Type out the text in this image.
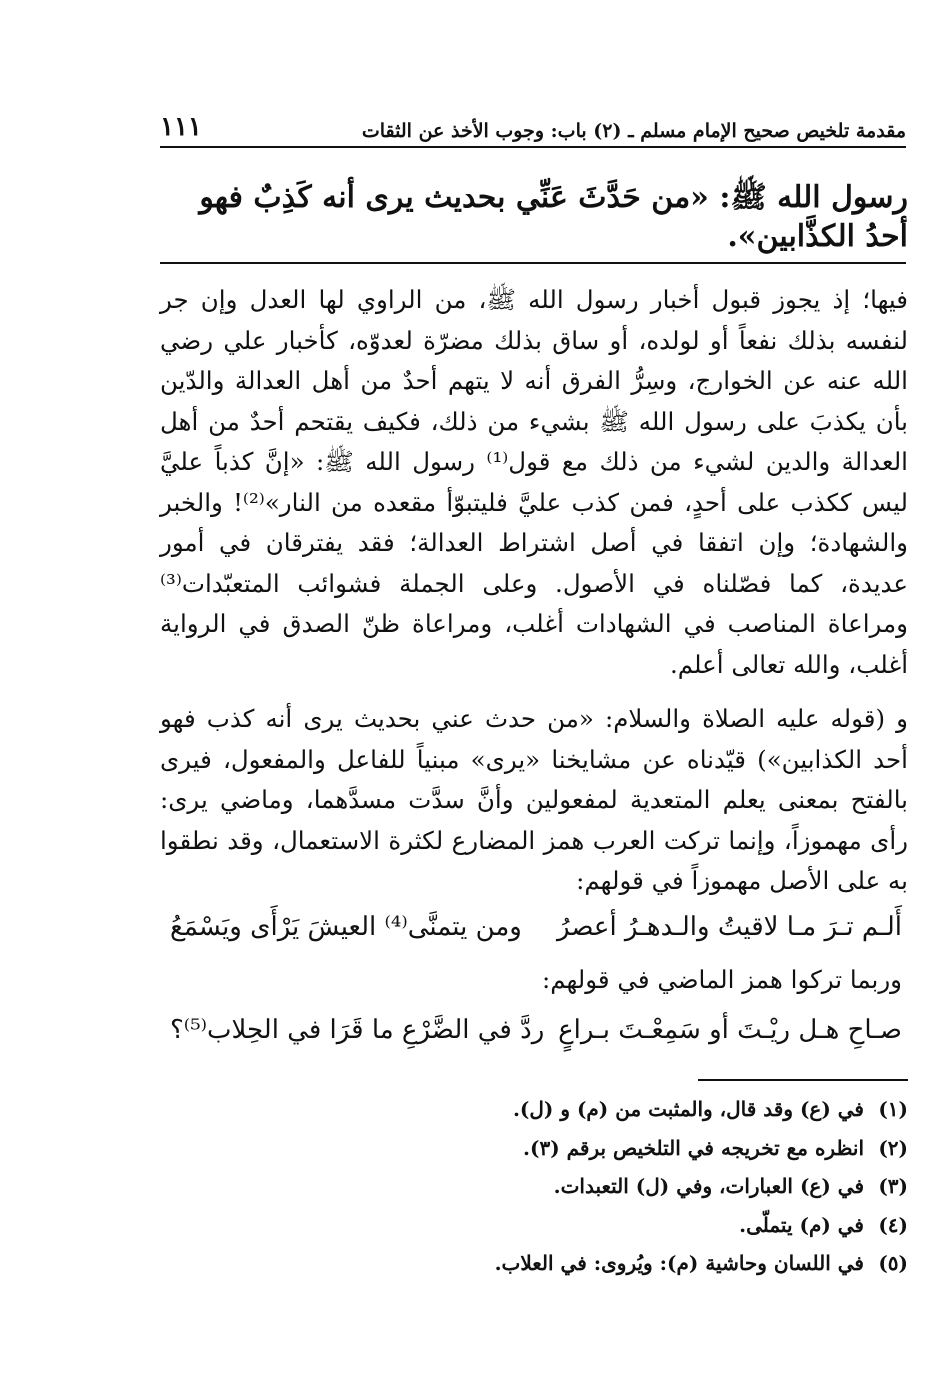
مقدمة تلخيص صحيح الإمام مسلم ـ (٢) باب: وجوب الأخذ عن الثقات
١١١
رسول الله ﷺ: «من حَدَّثَ عَنِّي بحديث يرى أنه كَذِبٌ فهو أحدُ الكذَّابين».

فيها؛ إذ يجوز قبول أخبار رسول الله ﷺ، من الراوي لها العدل وإن جر لنفسه بذلك نفعاً أو لولده، أو ساق بذلك مضرّة لعدوّه، كأخبار علي رضي الله عنه عن الخوارج، وسِرُّ الفرق أنه لا يتهم أحدٌ من أهل العدالة والدّين بأن يكذبَ على رسول الله ﷺ بشيء من ذلك، فكيف يقتحم أحدٌ من أهل العدالة والدين لشيء من ذلك مع قول⁽¹⁾ رسول الله ﷺ: «إنَّ كذباً عليَّ ليس ككذب على أحدٍ، فمن كذب عليَّ فليتبوّأ مقعده من النار»⁽²⁾! والخبر والشهادة؛ وإن اتفقا في أصل اشتراط العدالة؛ فقد يفترقان في أمور عديدة، كما فصّلناه في الأصول. وعلى الجملة فشوائب المتعبّدات⁽³⁾ ومراعاة المناصب في الشهادات أغلب، ومراعاة ظنّ الصدق في الرواية أغلب، والله تعالى أعلم.

و (قوله عليه الصلاة والسلام: «من حدث عني بحديث يرى أنه كذب فهو أحد الكذابين») قيّدناه عن مشايخنا «يرى» مبنياً للفاعل والمفعول، فيرى بالفتح بمعنى يعلم المتعدية لمفعولين وأنَّ سدَّت مسدَّهما، وماضي يرى: رأى مهموزاً، وإنما تركت العرب همز المضارع لكثرة الاستعمال، وقد نطقوا به على الأصل مهموزاً في قولهم:

أَلـم تـرَ مـا لاقيتُ والـدهـرُ أعصرُ
ومن يتمنَّى⁽⁴⁾ العيشَ يَرْأَى ويَسْمَعُ
وربما تركوا همز الماضي في قولهم:
صـاحِ هـل ريْـتَ أو سَمِعْـتَ بـراعٍ
ردَّ في الضَّرْعِ ما قَرَا في الحِلاب⁽⁵⁾؟
(١)
في (ع) وقد قال، والمثبت من (م) و (ل).
(٢)
انظره مع تخريجه في التلخيص برقم (٣).
(٣)
في (ع) العبارات، وفي (ل) التعبدات.
(٤)
في (م) يتملّى.
(٥)
في اللسان وحاشية (م): ويُروى: في العلاب.
